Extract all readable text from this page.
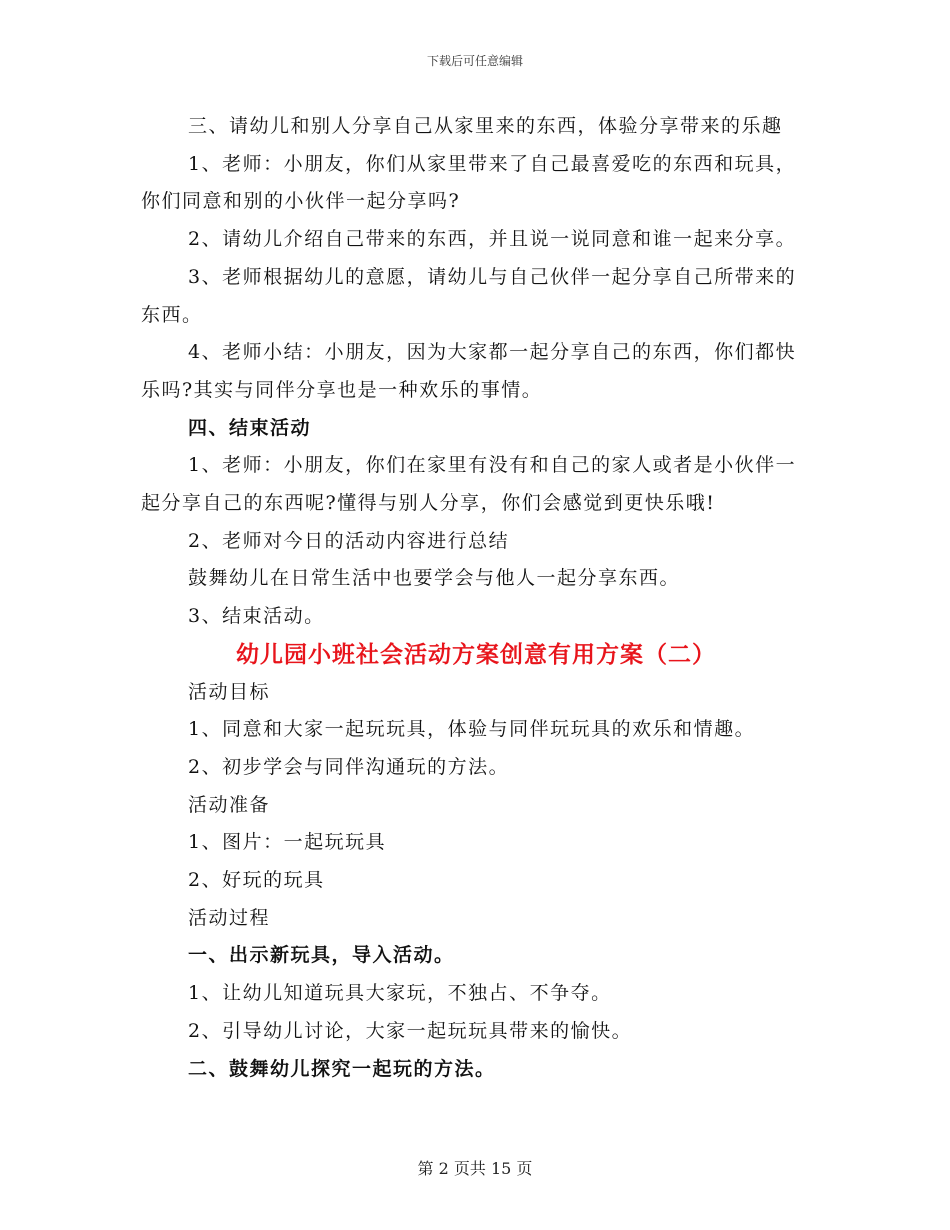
下载后可任意编辑

三、请幼儿和别人分享自己从家里来的东西，体验分享带来的乐趣

1、老师：小朋友，你们从家里带来了自己最喜爱吃的东西和玩具，你们同意和别的小伙伴一起分享吗?

2、请幼儿介绍自己带来的东西，并且说一说同意和谁一起来分享。

3、老师根据幼儿的意愿，请幼儿与自己伙伴一起分享自己所带来的东西。

4、老师小结：小朋友，因为大家都一起分享自己的东西，你们都快乐吗?其实与同伴分享也是一种欢乐的事情。

四、结束活动

1、老师：小朋友，你们在家里有没有和自己的家人或者是小伙伴一起分享自己的东西呢?懂得与别人分享，你们会感觉到更快乐哦!

2、老师对今日的活动内容进行总结

鼓舞幼儿在日常生活中也要学会与他人一起分享东西。

3、结束活动。

幼儿园小班社会活动方案创意有用方案（二）

活动目标

1、同意和大家一起玩玩具，体验与同伴玩玩具的欢乐和情趣。

2、初步学会与同伴沟通玩的方法。

活动准备

1、图片：一起玩玩具

2、好玩的玩具

活动过程

一、出示新玩具，导入活动。

1、让幼儿知道玩具大家玩，不独占、不争夺。

2、引导幼儿讨论，大家一起玩玩具带来的愉快。

二、鼓舞幼儿探究一起玩的方法。

第 2 页共 15 页
